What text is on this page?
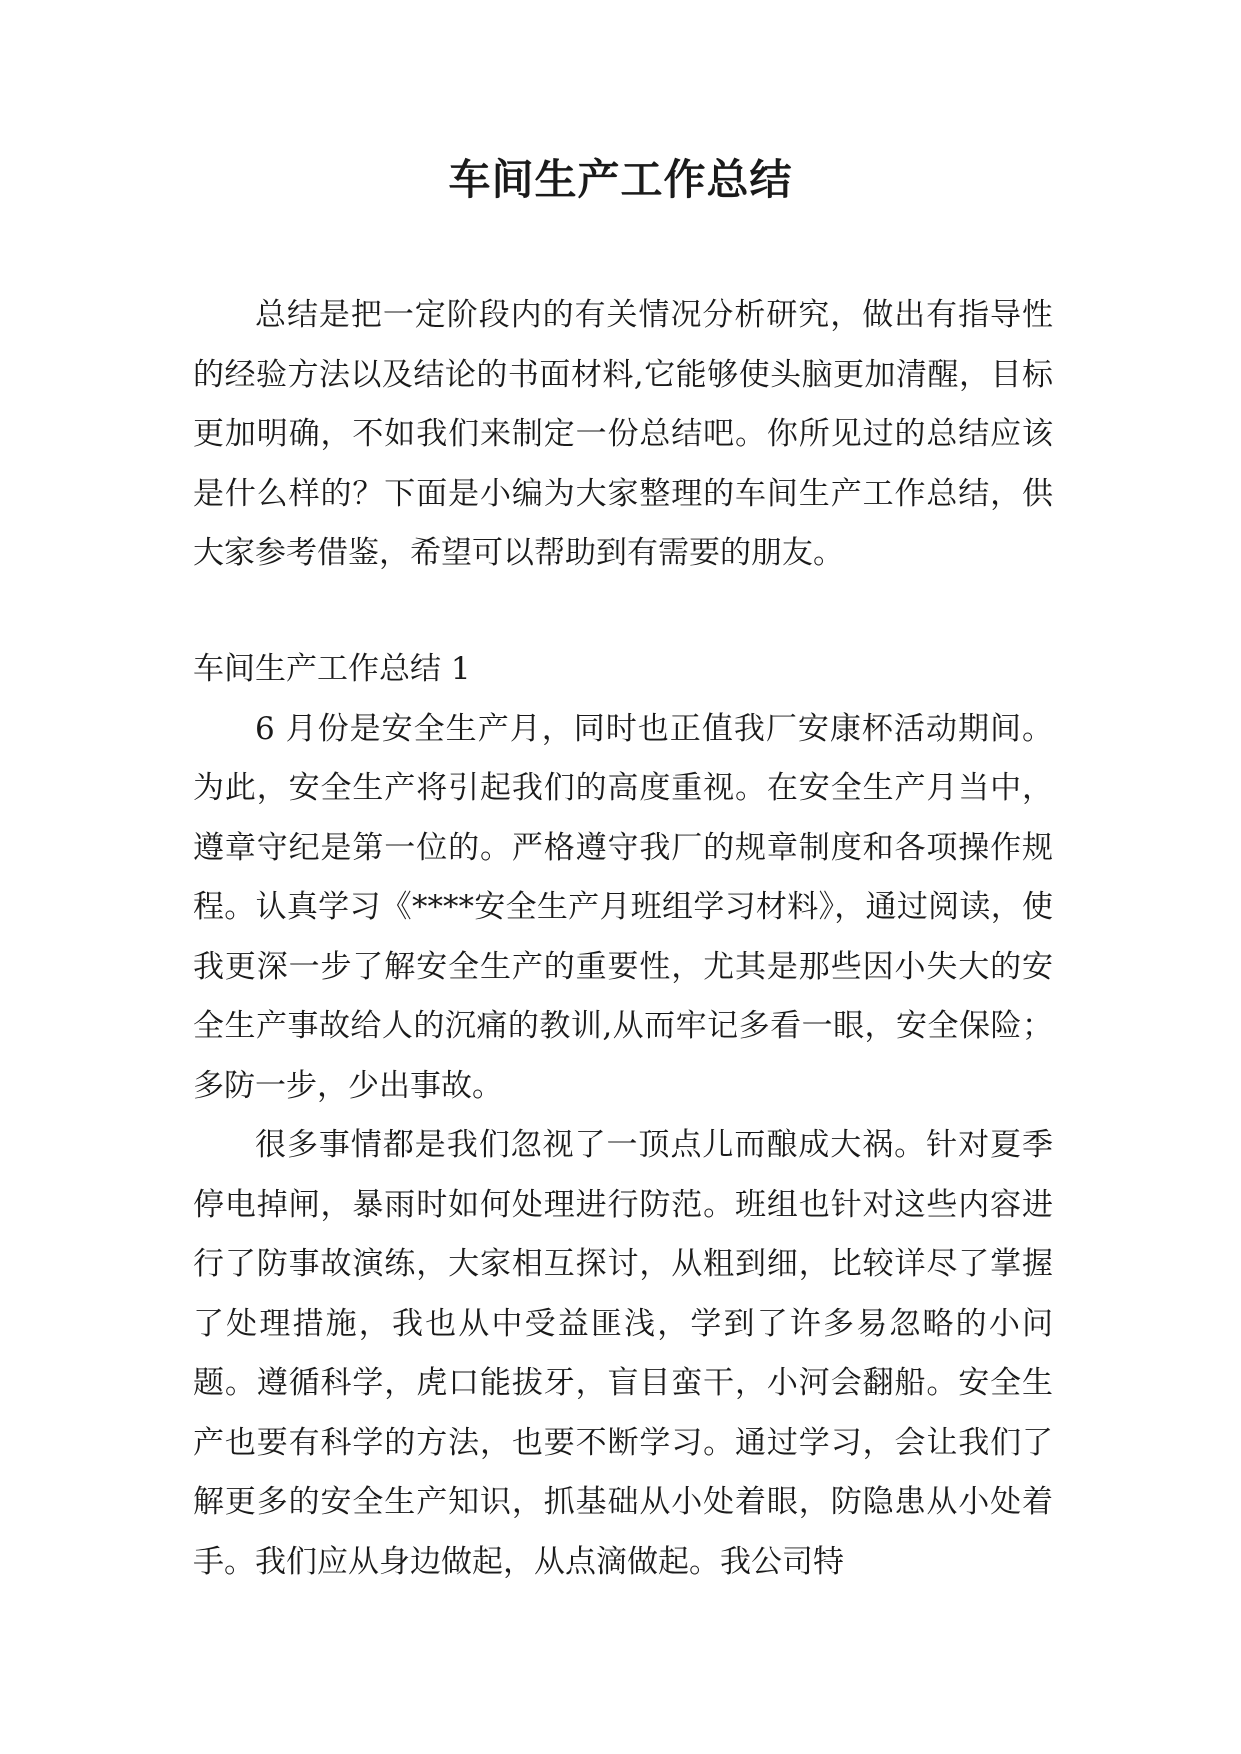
车间生产工作总结

总结是把一定阶段内的有关情况分析研究，做出有指导性的经验方法以及结论的书面材料,它能够使头脑更加清醒，目标更加明确，不如我们来制定一份总结吧。你所见过的总结应该是什么样的？下面是小编为大家整理的车间生产工作总结，供大家参考借鉴，希望可以帮助到有需要的朋友。

车间生产工作总结 1

6 月份是安全生产月，同时也正值我厂安康杯活动期间。为此，安全生产将引起我们的高度重视。在安全生产月当中，遵章守纪是第一位的。严格遵守我厂的规章制度和各项操作规程。认真学习《****安全生产月班组学习材料》，通过阅读，使我更深一步了解安全生产的重要性，尤其是那些因小失大的安全生产事故给人的沉痛的教训,从而牢记多看一眼，安全保险；多防一步，少出事故。

很多事情都是我们忽视了一顶点儿而酿成大祸。针对夏季停电掉闸，暴雨时如何处理进行防范。班组也针对这些内容进行了防事故演练，大家相互探讨，从粗到细，比较详尽了掌握了处理措施，我也从中受益匪浅，学到了许多易忽略的小问题。遵循科学，虎口能拔牙，盲目蛮干，小河会翻船。安全生产也要有科学的方法，也要不断学习。通过学习，会让我们了解更多的安全生产知识，抓基础从小处着眼，防隐患从小处着手。我们应从身边做起，从点滴做起。我公司特
